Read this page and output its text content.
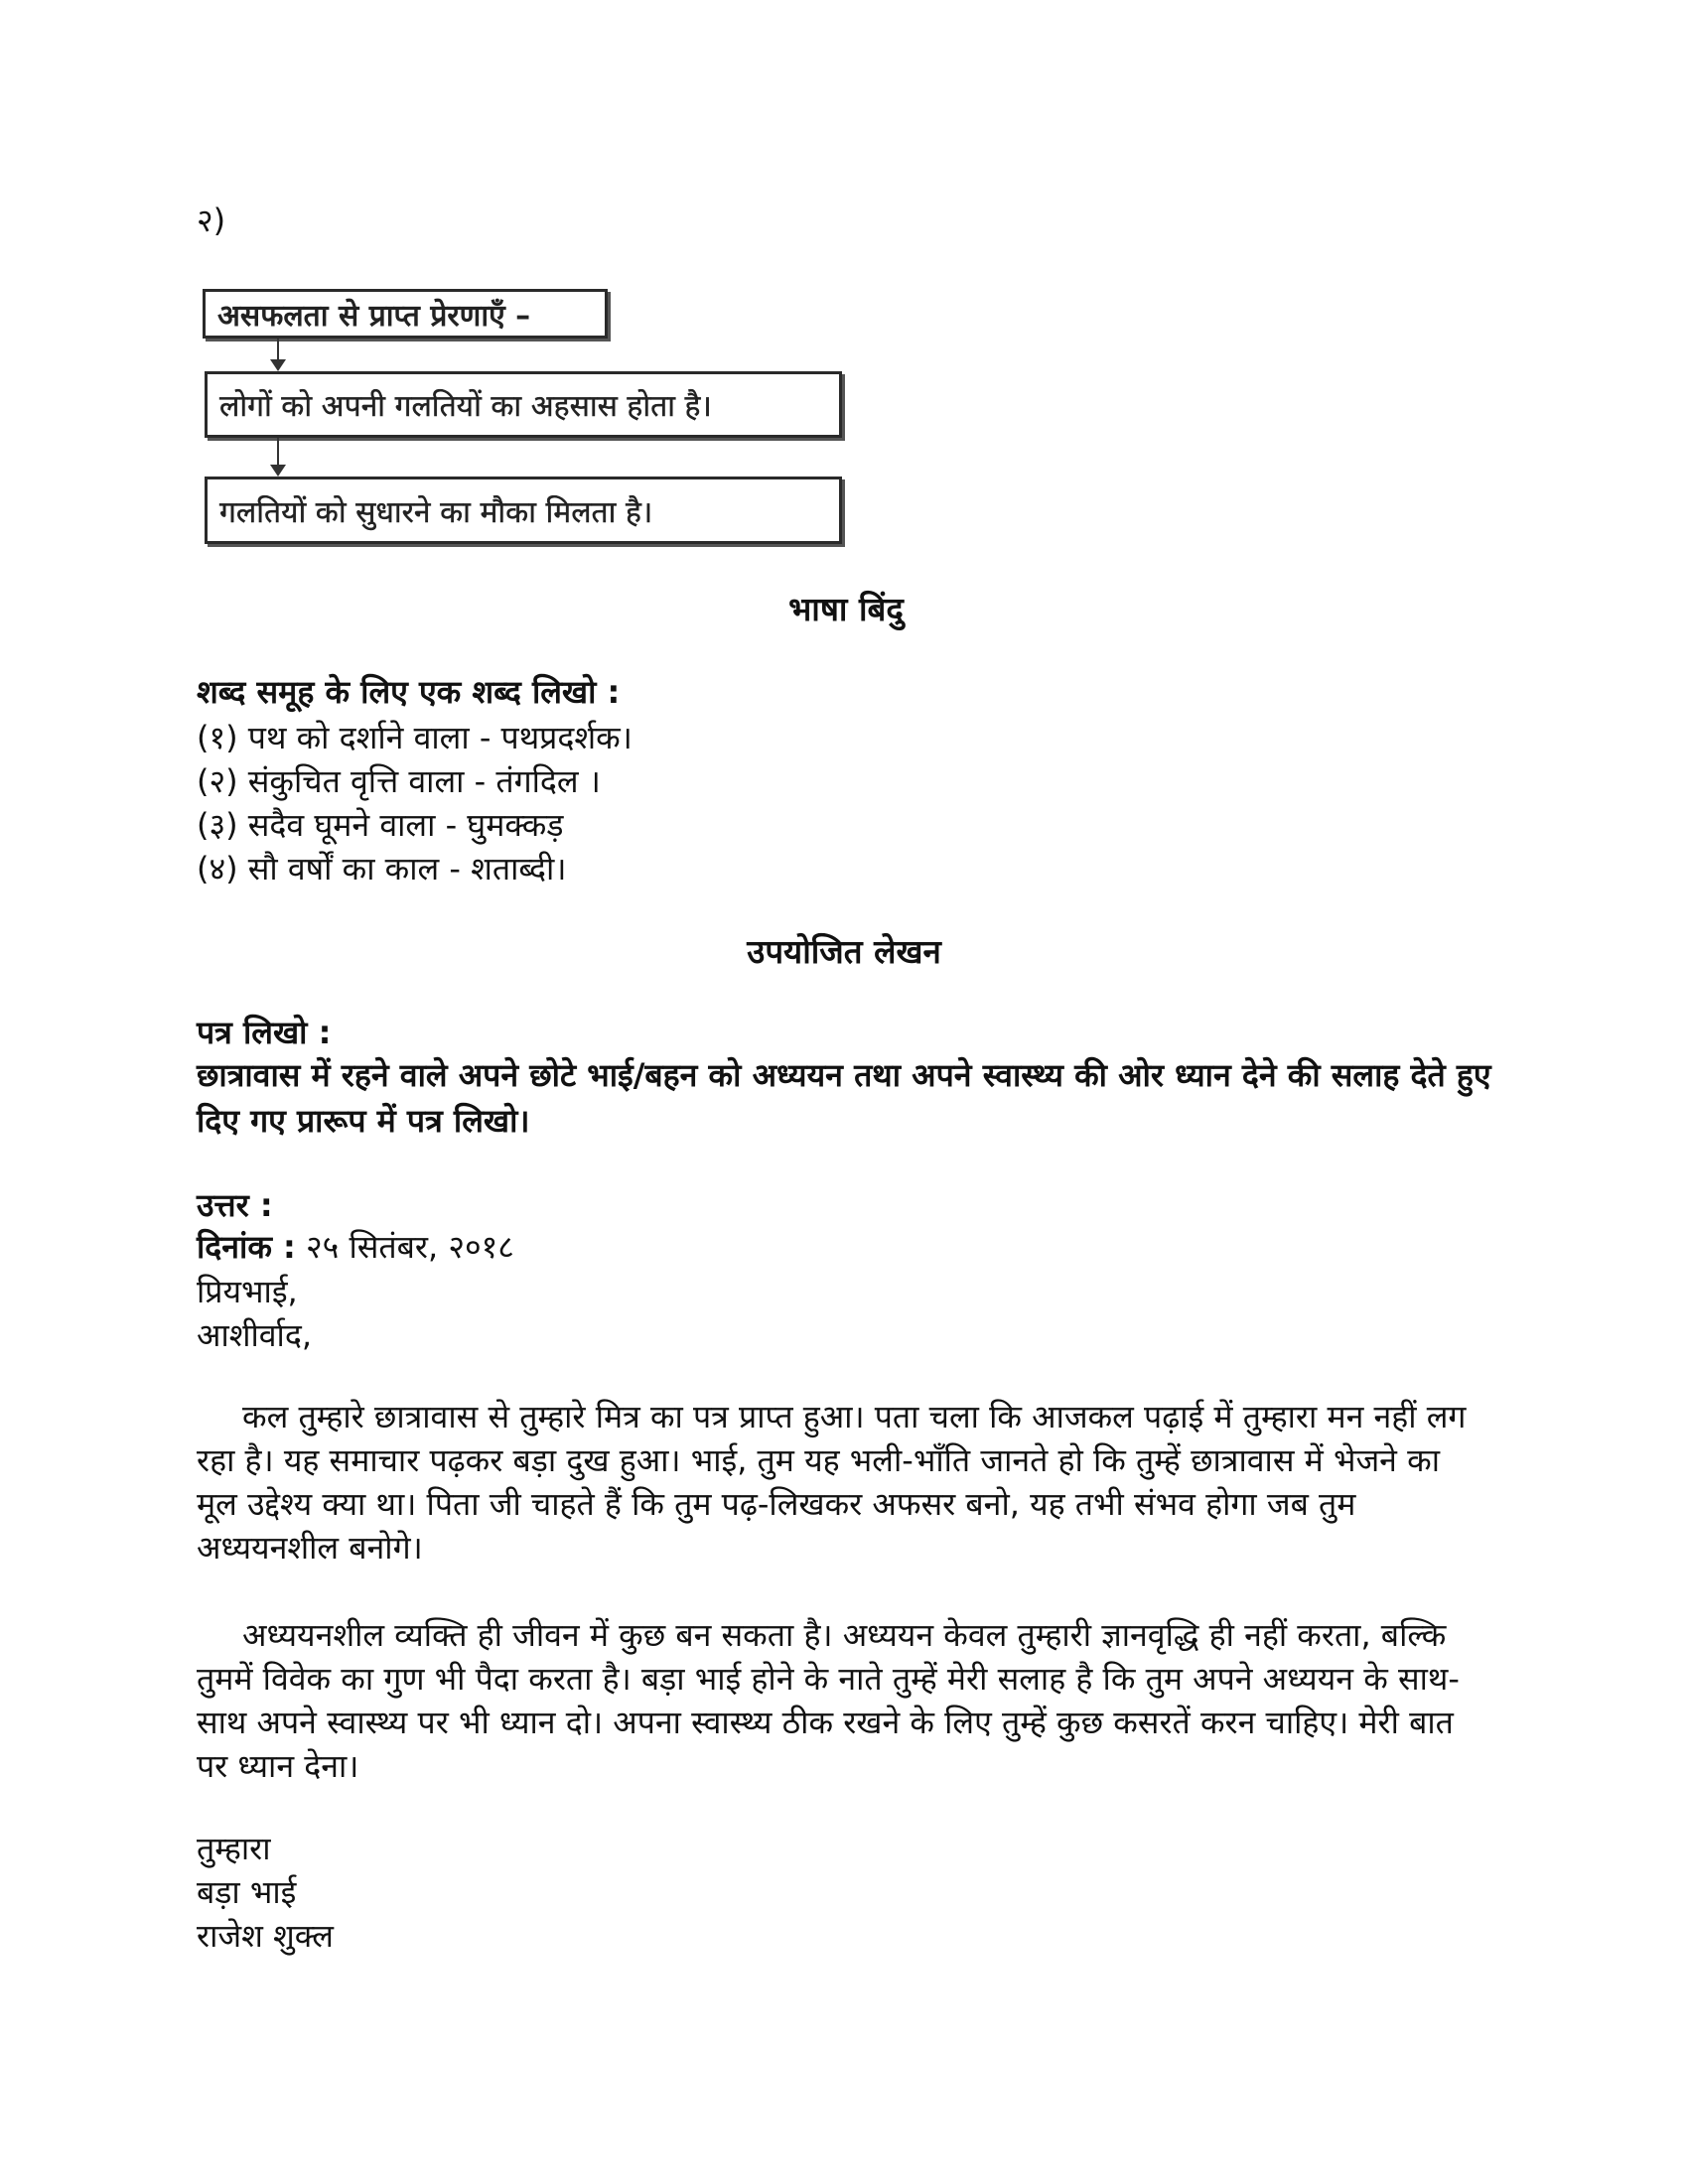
२)
असफलता से प्राप्त प्रेरणाएँ –
लोगों को अपनी गलतियों का अहसास होता है।
गलतियों को सुधारने का मौका मिलता है।
भाषा बिंदु
शब्द समूह के लिए एक शब्द लिखो :
(१) पथ को दर्शाने वाला - पथप्रदर्शक।
(२) संकुचित वृत्ति वाला - तंगदिल ।
(३) सदैव घूमने वाला - घुमक्कड़
(४) सौ वर्षों का काल - शताब्दी।
उपयोजित लेखन
पत्र लिखो :
छात्रावास में रहने वाले अपने छोटे भाई/बहन को अध्ययन तथा अपने स्वास्थ्य की ओर ध्यान देने की सलाह देते हुए दिए गए प्रारूप में पत्र लिखो।
उत्तर :
दिनांक : २५ सितंबर, २०१८
प्रियभाई,
आशीर्वाद,
कल तुम्हारे छात्रावास से तुम्हारे मित्र का पत्र प्राप्त हुआ। पता चला कि आजकल पढ़ाई में तुम्हारा मन नहीं लग रहा है। यह समाचार पढ़कर बड़ा दुख हुआ। भाई, तुम यह भली-भाँति जानते हो कि तुम्हें छात्रावास में भेजने का मूल उद्देश्य क्या था। पिता जी चाहते हैं कि तुम पढ़-लिखकर अफसर बनो, यह तभी संभव होगा जब तुम अध्ययनशील बनोगे।
अध्ययनशील व्यक्ति ही जीवन में कुछ बन सकता है। अध्ययन केवल तुम्हारी ज्ञानवृद्धि ही नहीं करता, बल्कि तुममें विवेक का गुण भी पैदा करता है। बड़ा भाई होने के नाते तुम्हें मेरी सलाह है कि तुम अपने अध्ययन के साथ-साथ अपने स्वास्थ्य पर भी ध्यान दो। अपना स्वास्थ्य ठीक रखने के लिए तुम्हें कुछ कसरतें करन चाहिए। मेरी बात पर ध्यान देना।
तुम्हारा
बड़ा भाई
राजेश शुक्ल
